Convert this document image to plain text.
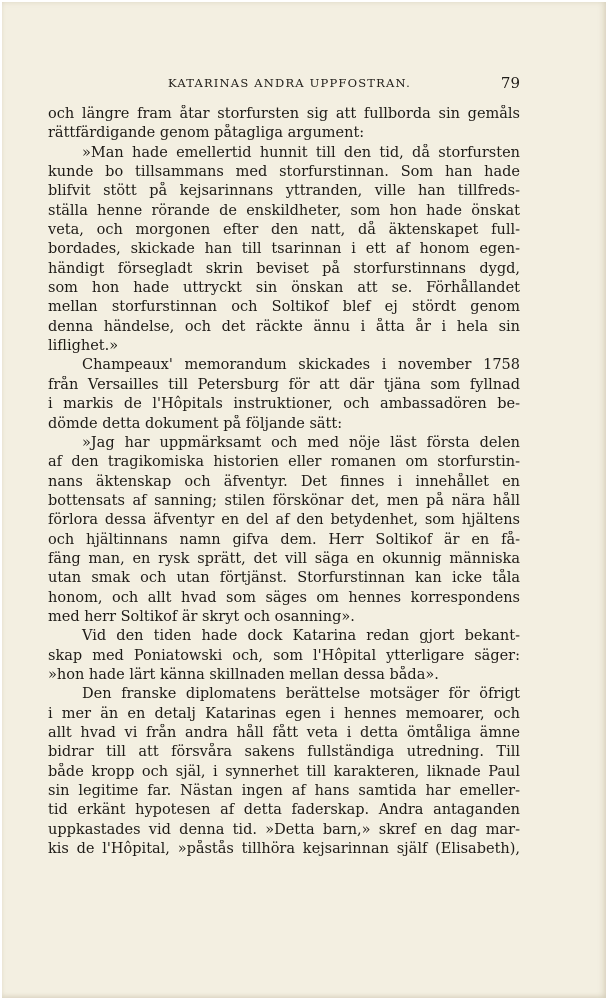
KATARINAS ANDRA UPPFOSTRAN.	79
och längre fram åtar storfursten sig att fullborda sin gemåls
rättfärdigande genom påtagliga argument:
»Man hade emellertid hunnit till den tid, då storfursten
kunde bo tillsammans med storfurstinnan. Som han hade
blifvit stött på kejsarinnans yttranden, ville han tillfreds-
ställa henne rörande de enskildheter, som hon hade önskat
veta, och morgonen efter den natt, då äktenskapet full-
bordades, skickade han till tsarinnan i ett af honom egen-
händigt försegladt skrin beviset på storfurstinnans dygd,
som hon hade uttryckt sin önskan att se. Förhållandet
mellan storfurstinnan och Soltikof blef ej stördt genom
denna händelse, och det räckte ännu i åtta år i hela sin
liflighet.»
Champeaux' memorandum skickades i november 1758
från Versailles till Petersburg för att där tjäna som fyllnad
i markis de l'Hôpitals instruktioner, och ambassadören be-
dömde detta dokument på följande sätt:
»Jag har uppmärksamt och med nöje läst första delen
af den tragikomiska historien eller romanen om storfurstin-
nans äktenskap och äfventyr. Det finnes i innehållet en
bottensats af sanning; stilen förskönar det, men på nära håll
förlora dessa äfventyr en del af den betydenhet, som hjältens
och hjältinnans namn gifva dem. Herr Soltikof är en få-
fäng man, en rysk sprätt, det vill säga en okunnig människa
utan smak och utan förtjänst. Storfurstinnan kan icke tåla
honom, och allt hvad som säges om hennes korrespondens
med herr Soltikof är skryt och osanning».
Vid den tiden hade dock Katarina redan gjort bekant-
skap med Poniatowski och, som l'Hôpital ytterligare säger:
»hon hade lärt känna skillnaden mellan dessa båda».
Den franske diplomatens berättelse motsäger för öfrigt
i mer än en detalj Katarinas egen i hennes memoarer, och
allt hvad vi från andra håll fått veta i detta ömtåliga ämne
bidrar till att försvåra sakens fullständiga utredning. Till
både kropp och själ, i synnerhet till karakteren, liknade Paul
sin legitime far. Nästan ingen af hans samtida har emeller-
tid erkänt hypotesen af detta faderskap. Andra antaganden
uppkastades vid denna tid. »Detta barn,» skref en dag mar-
kis de l'Hôpital, »påstås tillhöra kejsarinnan själf (Elisabeth),
